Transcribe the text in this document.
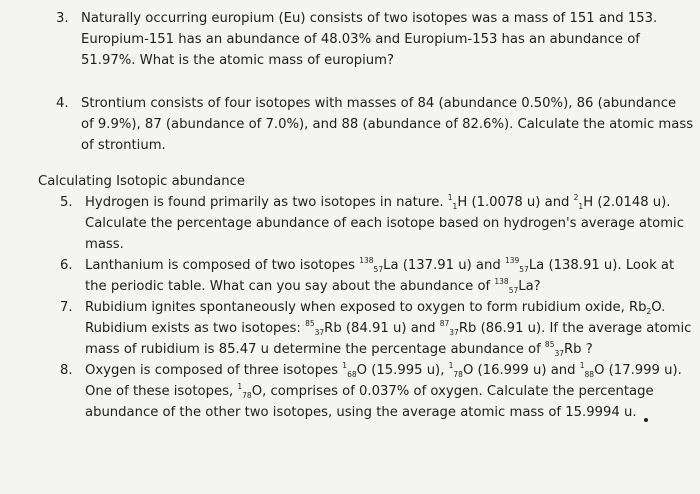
3. Naturally occurring europium (Eu) consists of two isotopes was a mass of 151 and 153.
Europium-151 has an abundance of 48.03% and Europium-153 has an abundance of
51.97%. What is the atomic mass of europium?
4. Strontium consists of four isotopes with masses of 84 (abundance 0.50%), 86 (abundance
of 9.9%), 87 (abundance of 7.0%), and 88 (abundance of 82.6%). Calculate the atomic mass
of strontium.
Calculating Isotopic abundance
5. Hydrogen is found primarily as two isotopes in nature. $^1_1$H (1.0078 u) and $^2_1$H (2.0148 u).
Calculate the percentage abundance of each isotope based on hydrogen's average atomic
mass.
6. Lanthanium is composed of two isotopes $^{138}_{57}$La (137.91 u) and $^{139}_{57}$La (138.91 u). Look at
the periodic table. What can you say about the abundance of $^{138}_{57}$La?
7. Rubidium ignites spontaneously when exposed to oxygen to form rubidium oxide, $Rb_2O$.
Rubidium exists as two isotopes: $^{85}_{37}$Rb (84.91 u) and $^{87}_{37}$Rb (86.91 u). If the average atomic
mass of rubidium is 85.47 u determine the percentage abundance of $^{85}_{37}$Rb ?
8. Oxygen is composed of three isotopes $^1_{68}$O (15.995 u), $^1_{78}$O (16.999 u) and $^1_{88}$O (17.999 u).
One of these isotopes, $^1_{78}$O, comprises of 0.037% of oxygen. Calculate the percentage
abundance of the other two isotopes, using the average atomic mass of 15.9994 u.
